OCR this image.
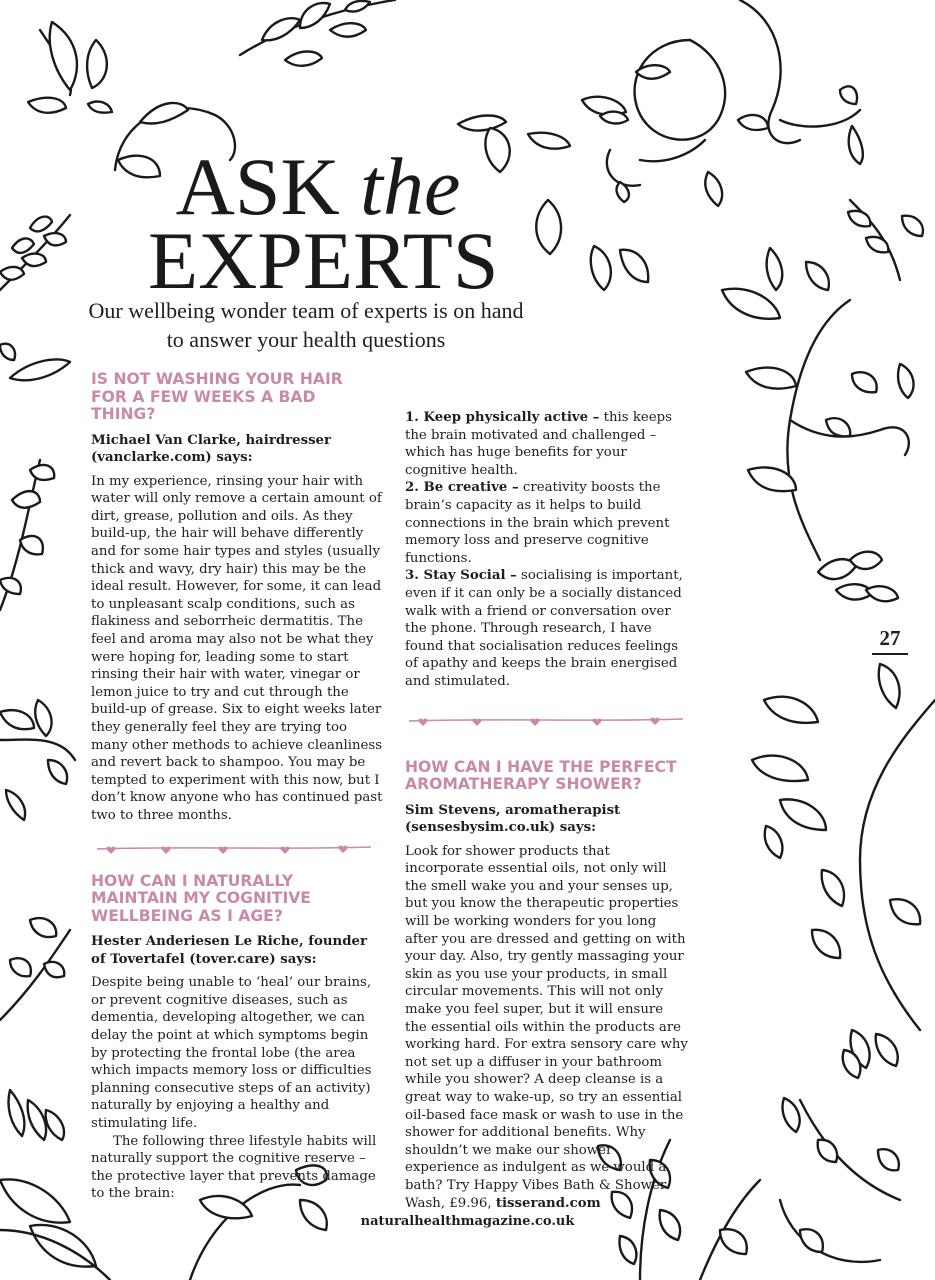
ASK the
EXPERTS
Our wellbeing wonder team of experts is on hand to answer your health questions
IS NOT WASHING YOUR HAIR FOR A FEW WEEKS A BAD THING?

Michael Van Clarke, hairdresser (vanclarke.com) says:

In my experience, rinsing your hair with water will only remove a certain amount of dirt, grease, pollution and oils. As they build-up, the hair will behave differently and for some hair types and styles (usually thick and wavy, dry hair) this may be the ideal result. However, for some, it can lead to unpleasant scalp conditions, such as flakiness and seborrheic dermatitis. The feel and aroma may also not be what they were hoping for, leading some to start rinsing their hair with water, vinegar or lemon juice to try and cut through the build-up of grease. Six to eight weeks later they generally feel they are trying too many other methods to achieve cleanliness and revert back to shampoo. You may be tempted to experiment with this now, but I don’t know anyone who has continued past two to three months.

HOW CAN I NATURALLY MAINTAIN MY COGNITIVE WELLBEING AS I AGE?

Hester Anderiesen Le Riche, founder of Tovertafel (tover.care) says:

Despite being unable to ‘heal’ our brains, or prevent cognitive diseases, such as dementia, developing altogether, we can delay the point at which symptoms begin by protecting the frontal lobe (the area which impacts memory loss or difficulties planning consecutive steps of an activity) naturally by enjoying a healthy and stimulating life.

The following three lifestyle habits will naturally support the cognitive reserve – the protective layer that prevents damage to the brain:

1. Keep physically active – this keeps the brain motivated and challenged – which has huge benefits for your cognitive health.

2. Be creative – creativity boosts the brain’s capacity as it helps to build connections in the brain which prevent memory loss and preserve cognitive functions.

3. Stay Social – socialising is important, even if it can only be a socially distanced walk with a friend or conversation over the phone. Through research, I have found that socialisation reduces feelings of apathy and keeps the brain energised and stimulated.

HOW CAN I HAVE THE PERFECT AROMATHERAPY SHOWER?

Sim Stevens, aromatherapist (sensesbysim.co.uk) says:

Look for shower products that incorporate essential oils, not only will the smell wake you and your senses up, but you know the therapeutic properties will be working wonders for you long after you are dressed and getting on with your day. Also, try gently massaging your skin as you use your products, in small circular movements. This will not only make you feel super, but it will ensure the essential oils within the products are working hard. For extra sensory care why not set up a diffuser in your bathroom while you shower? A deep cleanse is a great way to wake-up, so try an essential oil-based face mask or wash to use in the shower for additional benefits. Why shouldn’t we make our shower experience as indulgent as we would a bath? Try Happy Vibes Bath & Shower Wash, £9.96, tisserand.com

27
naturalhealthmagazine.co.uk
